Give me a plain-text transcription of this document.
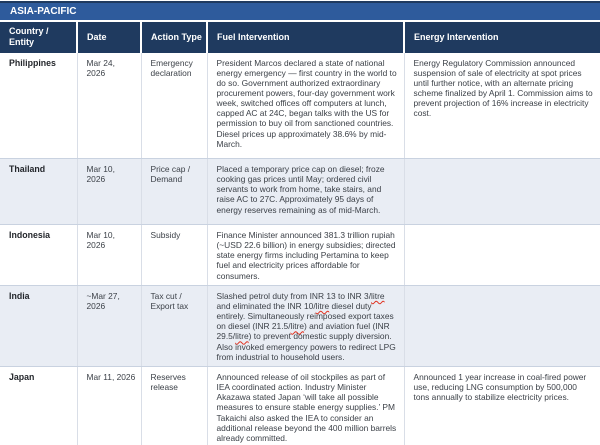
ASIA-PACIFIC
Country / Entity	Date	Action Type	Fuel Intervention	Energy Intervention
Philippines	Mar 24, 2026	Emergency declaration	President Marcos declared a state of national energy emergency — first country in the world to do so. Government authorized extraordinary procurement powers, four-day government work week, switched offices off computers at lunch, capped AC at 24C, began talks with the US for permission to buy oil from sanctioned countries. Diesel prices up approximately 38.6% by mid-March.	Energy Regulatory Commission announced suspension of sale of electricity at spot prices until further notice, with an alternate pricing scheme finalized by April 1. Commission aims to prevent projection of 16% increase in electricity cost.
Thailand	Mar 10, 2026	Price cap / Demand	Placed a temporary price cap on diesel; froze cooking gas prices until May; ordered civil servants to work from home, take stairs, and raise AC to 27C. Approximately 95 days of energy reserves remaining as of mid-March.	
Indonesia	Mar 10, 2026	Subsidy	Finance Minister announced 381.3 trillion rupiah (~USD 22.6 billion) in energy subsidies; directed state energy firms including Pertamina to keep fuel and electricity prices affordable for consumers.	
India	~Mar 27, 2026	Tax cut / Export tax	Slashed petrol duty from INR 13 to INR 3/litre and eliminated the INR 10/litre diesel duty entirely. Simultaneously reimposed export taxes on diesel (INR 21.5/litre) and aviation fuel (INR 29.5/litre) to prevent domestic supply diversion. Also invoked emergency powers to redirect LPG from industrial to household users.	
Japan	Mar 11, 2026	Reserves release	Announced release of oil stockpiles as part of IEA coordinated action. Industry Minister Akazawa stated Japan ‘will take all possible measures to ensure stable energy supplies.’ PM Takaichi also asked the IEA to consider an additional release beyond the 400 million barrels already committed.	Announced 1 year increase in coal-fired power use, reducing LNG consumption by 500,000 tons annually to stabilize electricity prices.
